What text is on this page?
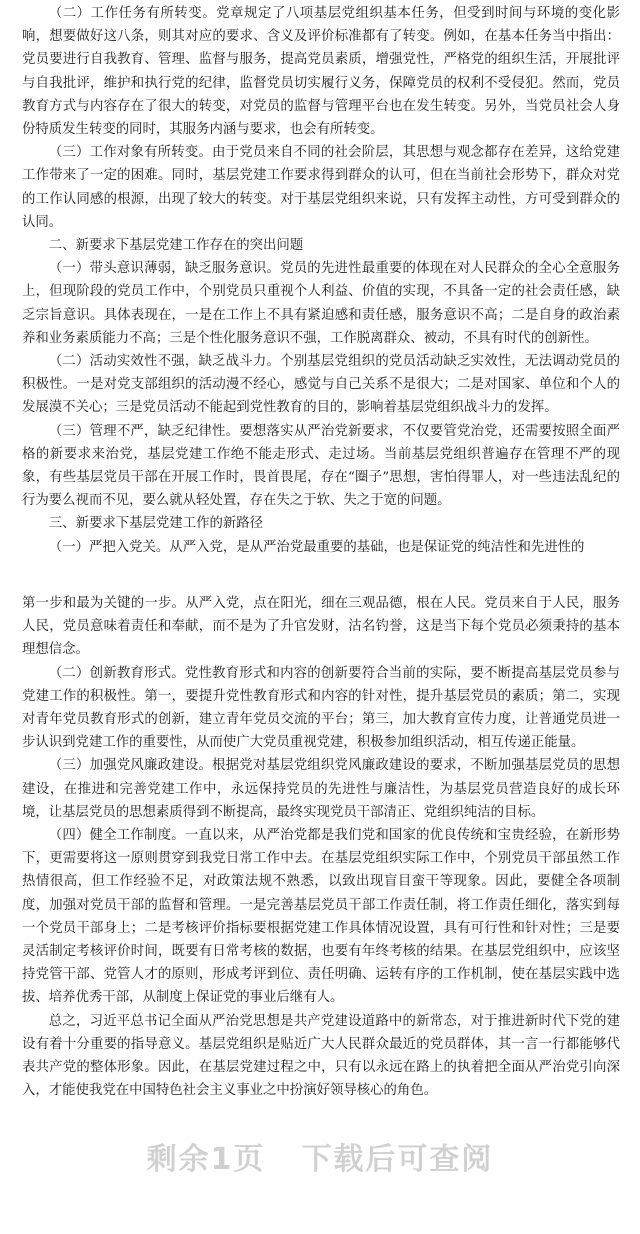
（二）工作任务有所转变。党章规定了八项基层党组织基本任务，但受到时间与环境的变化影响，想要做好这八条，则其对应的要求、含义及评价标准都有了转变。例如，在基本任务当中指出：党员要进行自我教育、管理、监督与服务，提高党员素质，增强党性，严格党的组织生活，开展批评与自我批评，维护和执行党的纪律，监督党员切实履行义务，保障党员的权利不受侵犯。然而，党员教育方式与内容存在了很大的转变，对党员的监督与管理平台也在发生转变。另外，当党员社会人身份特质发生转变的同时，其服务内涵与要求，也会有所转变。

（三）工作对象有所转变。由于党员来自不同的社会阶层，其思想与观念都存在差异，这给党建工作带来了一定的困难。同时，基层党建工作要求得到群众的认可，但在当前社会形势下，群众对党的工作认同感的根源，出现了较大的转变。对于基层党组织来说，只有发挥主动性，方可受到群众的认同。

二、新要求下基层党建工作存在的突出问题

（一）带头意识薄弱，缺乏服务意识。党员的先进性最重要的体现在对人民群众的全心全意服务上，但现阶段的党员工作中，个别党员只重视个人利益、价值的实现，不具备一定的社会责任感，缺乏宗旨意识。具体表现在，一是在工作上不具有紧迫感和责任感，服务意识不高；二是自身的政治素养和业务素质能力不高；三是个性化服务意识不强，工作脱离群众、被动，不具有时代的创新性。

（二）活动实效性不强，缺乏战斗力。个别基层党组织的党员活动缺乏实效性，无法调动党员的积极性。一是对党支部组织的活动漫不经心，感觉与自己关系不是很大；二是对国家、单位和个人的发展漠不关心；三是党员活动不能起到党性教育的目的，影响着基层党组织战斗力的发挥。

（三）管理不严，缺乏纪律性。要想落实从严治党新要求，不仅要管党治党，还需要按照全面严格的新要求来治党，基层党建工作绝不能走形式、走过场。当前基层党组织普遍存在管理不严的现象，有些基层党员干部在开展工作时，畏首畏尾，存在“圈子”思想，害怕得罪人，对一些违法乱纪的行为要么视而不见，要么就从轻处置，存在失之于软、失之于宽的问题。

三、新要求下基层党建工作的新路径

（一）严把入党关。从严入党，是从严治党最重要的基础，也是保证党的纯洁性和先进性的

第一步和最为关键的一步。从严入党，点在阳光，细在三观品德，根在人民。党员来自于人民，服务人民，党员意味着责任和奉献，而不是为了升官发财，沽名钓誉，这是当下每个党员必须秉持的基本理想信念。

（二）创新教育形式。党性教育形式和内容的创新要符合当前的实际，要不断提高基层党员参与党建工作的积极性。第一，要提升党性教育形式和内容的针对性，提升基层党员的素质；第二，实现对青年党员教育形式的创新，建立青年党员交流的平台；第三，加大教育宣传力度，让普通党员进一步认识到党建工作的重要性，从而使广大党员重视党建，积极参加组织活动，相互传递正能量。

（三）加强党风廉政建设。根据党对基层党组织党风廉政建设的要求，不断加强基层党员的思想建设，在推进和完善党建工作中，永远保持党员的先进性与廉洁性，为基层党员营造良好的成长环境，让基层党员的思想素质得到不断提高，最终实现党员干部清正、党组织纯洁的目标。

（四）健全工作制度。一直以来，从严治党都是我们党和国家的优良传统和宝贵经验，在新形势下，更需要将这一原则贯穿到我党日常工作中去。在基层党组织实际工作中，个别党员干部虽然工作热情很高，但工作经验不足，对政策法规不熟悉，以致出现盲目蛮干等现象。因此，要健全各项制度，加强对党员干部的监督和管理。一是完善基层党员干部工作责任制，将工作责任细化，落实到每一个党员干部身上；二是考核评价指标要根据党建工作具体情况设置，具有可行性和针对性；三是要灵活制定考核评价时间，既要有日常考核的数据，也要有年终考核的结果。在基层党组织中，应该坚持党管干部、党管人才的原则，形成考评到位、责任明确、运转有序的工作机制，使在基层实践中选拔、培养优秀干部，从制度上保证党的事业后继有人。

总之，习近平总书记全面从严治党思想是共产党建设道路中的新常态，对于推进新时代下党的建设有着十分重要的指导意义。基层党组织是贴近广大人民群众最近的党员群体，其一言一行都能够代表共产党的整体形象。因此，在基层党建过程之中，只有以永远在路上的执着把全面从严治党引向深入，才能使我党在中国特色社会主义事业之中扮演好领导核心的角色。

剩余1页 下载后可查阅
